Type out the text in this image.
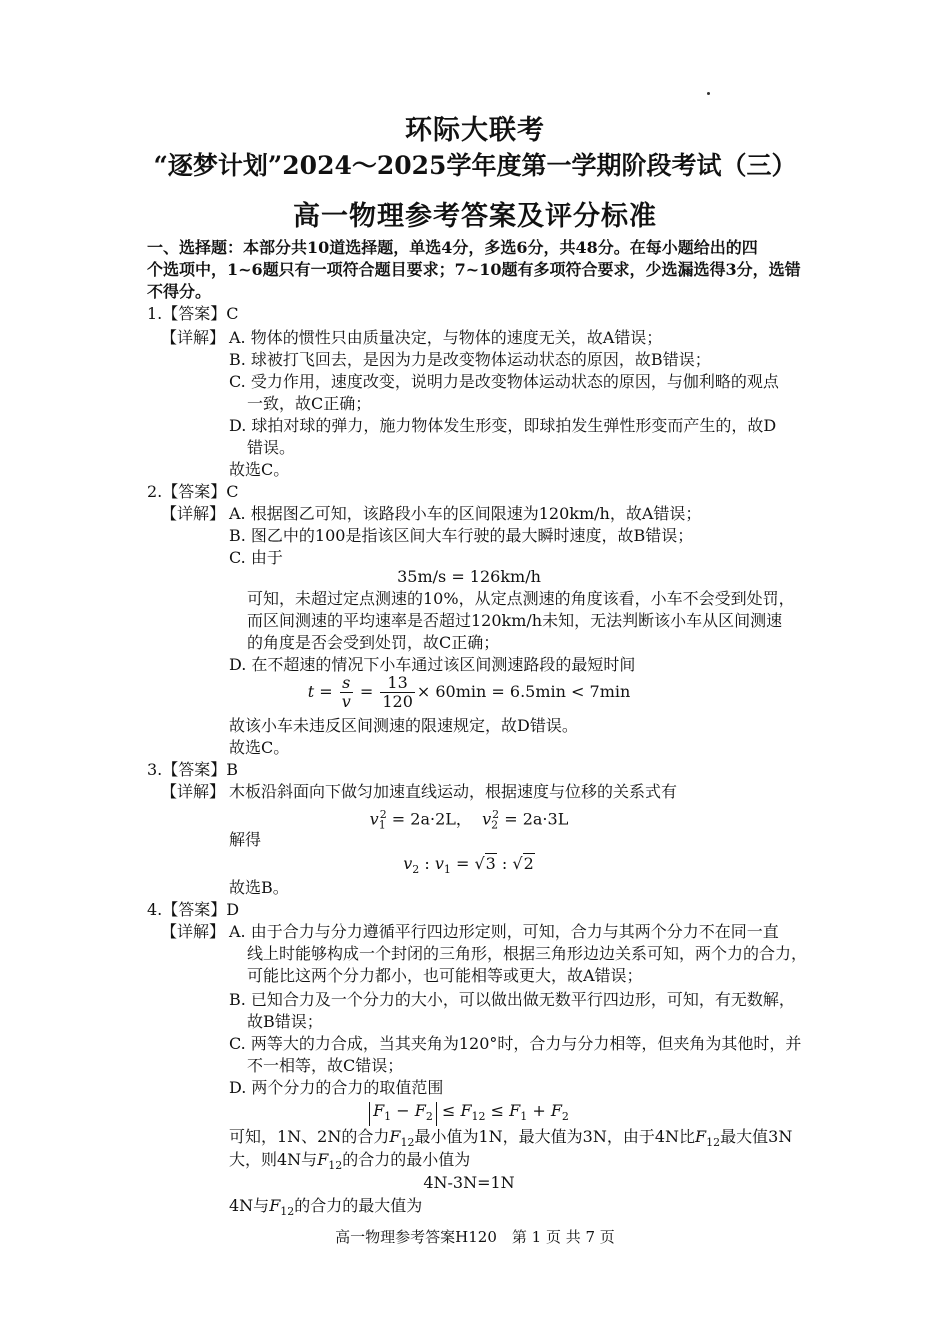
环际大联考
“逐梦计划”2024～2025学年度第一学期阶段考试（三）
高一物理参考答案及评分标准
一、选择题：本部分共10道选择题，单选4分，多选6分，共48分。在每小题给出的四
个选项中，1~6题只有一项符合题目要求；7~10题有多项符合要求，少选漏选得3分，选错
不得分。
1.【答案】C
【详解】 A. 物体的惯性只由质量决定，与物体的速度无关，故A错误；
B. 球被打飞回去，是因为力是改变物体运动状态的原因，故B错误；
C. 受力作用，速度改变，说明力是改变物体运动状态的原因，与伽利略的观点
一致，故C正确；
D. 球拍对球的弹力，施力物体发生形变，即球拍发生弹性形变而产生的，故D
错误。
故选C。
2.【答案】C
【详解】 A. 根据图乙可知，该路段小车的区间限速为120km/h，故A错误；
B. 图乙中的100是指该区间大车行驶的最大瞬时速度，故B错误；
C. 由于
35m/s = 126km/h
可知，未超过定点测速的10%，从定点测速的角度该看，小车不会受到处罚，
而区间测速的平均速率是否超过120km/h未知，无法判断该小车从区间测速
的角度是否会受到处罚，故C正确；
D. 在不超速的情况下小车通过该区间测速路段的最短时间
$t = \frac{s}{v} = \frac{13}{120} \times 60\min = 6.5\min < 7\min$
故该小车未违反区间测速的限速规定，故D错误。
故选C。
3.【答案】B
【详解】 木板沿斜面向下做匀加速直线运动，根据速度与位移的关系式有
$v_1^2 = 2a\cdot 2L$， $v_2^2 = 2a\cdot 3L$
解得
$v_2$ : $v_1 = √3$ : √2
故选B。
4.【答案】D
【详解】 A. 由于合力与分力遵循平行四边形定则，可知，合力与其两个分力不在同一直
线上时能够构成一个封闭的三角形，根据三角形边边关系可知，两个力的合力，
可能比这两个分力都小，也可能相等或更大，故A错误；
B. 已知合力及一个分力的大小，可以做出做无数平行四边形，可知，有无数解，
故B错误；
C. 两等大的力合成，当其夹角为120°时，合力与分力相等，但夹角为其他时，并
不一相等，故C错误；
D. 两个分力的合力的取值范围
$F_1 - F_2 \le F_{12} \le F_1 + F_2$
可知，1N、2N的合力$F_{12}$最小值为1N，最大值为3N，由于4N比$F_{12}$最大值3N
大，则4N与$F_{12}$的合力的最小值为
4N-3N=1N
4N与$F_{12}$的合力的最大值为
高一物理参考答案H120　第 1 页 共 7 页
